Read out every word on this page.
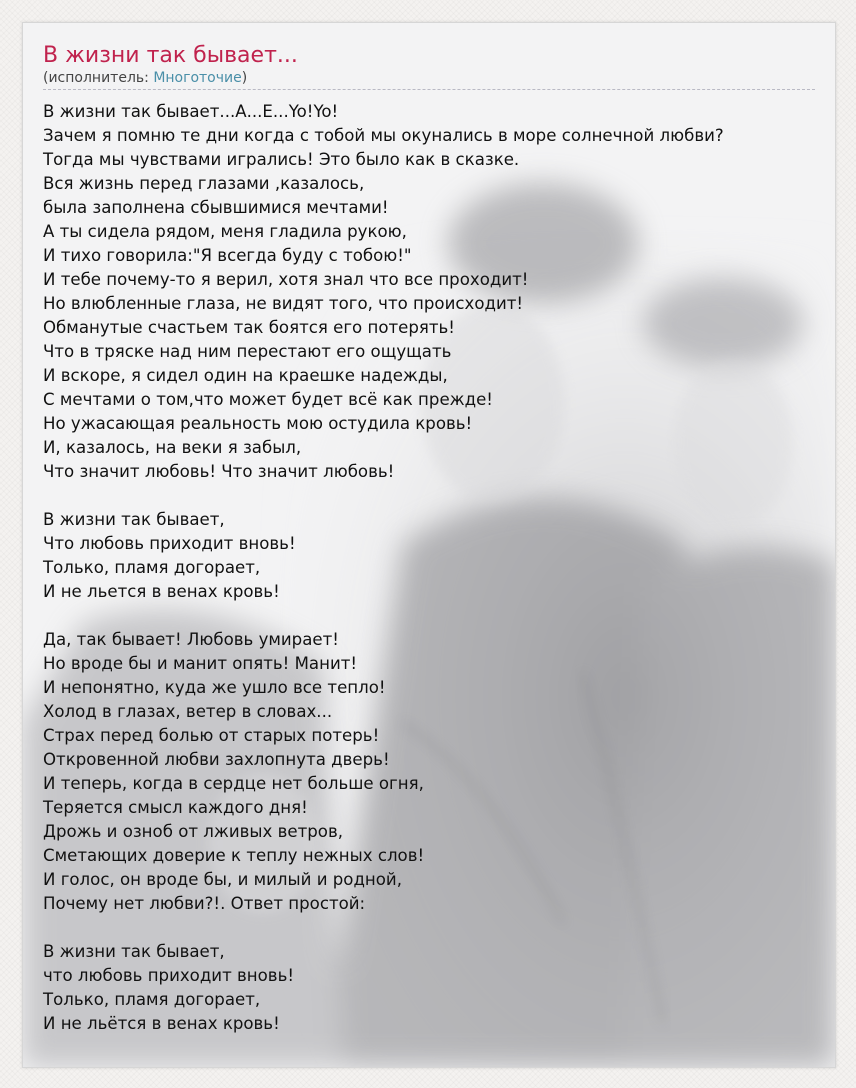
В жизни так бывает...
(исполнитель: Многоточие)
В жизни так бывает...А...Е...Yo!Yo!
Зачем я помню те дни когда с тобой мы окунались в море солнечной любви?
Тогда мы чувствами игрались! Это было как в сказке.
Вся жизнь перед глазами ,казалось,
была заполнена сбывшимися мечтами!
А ты сидела рядом, меня гладила рукою,
И тихо говорила:"Я всегда буду с тобою!"
И тебе почему-то я верил, хотя знал что все проходит!
Но влюбленные глаза, не видят того, что происходит!
Обманутые счастьем так боятся его потерять!
Что в тряске над ним перестают его ощущать
И вскоре, я сидел один на краешке надежды,
С мечтами о том,что может будет всё как прежде!
Но ужасающая реальность мою остудила кровь!
И, казалось, на веки я забыл,
Что значит любовь! Что значит любовь!
В жизни так бывает,
Что любовь приходит вновь!
Только, пламя догорает,
И не льется в венах кровь!
Да, так бывает! Любовь умирает!
Но вроде бы и манит опять! Манит!
И непонятно, куда же ушло все тепло!
Холод в глазах, ветер в словах...
Страх перед болью от старых потерь!
Откровенной любви захлопнута дверь!
И теперь, когда в сердце нет больше огня,
Теряется смысл каждого дня!
Дрожь и озноб от лживых ветров,
Сметающих доверие к теплу нежных слов!
И голос, он вроде бы, и милый и родной,
Почему нет любви?!. Ответ простой:
В жизни так бывает,
что любовь приходит вновь!
Только, пламя догорает,
И не льётся в венах кровь!
